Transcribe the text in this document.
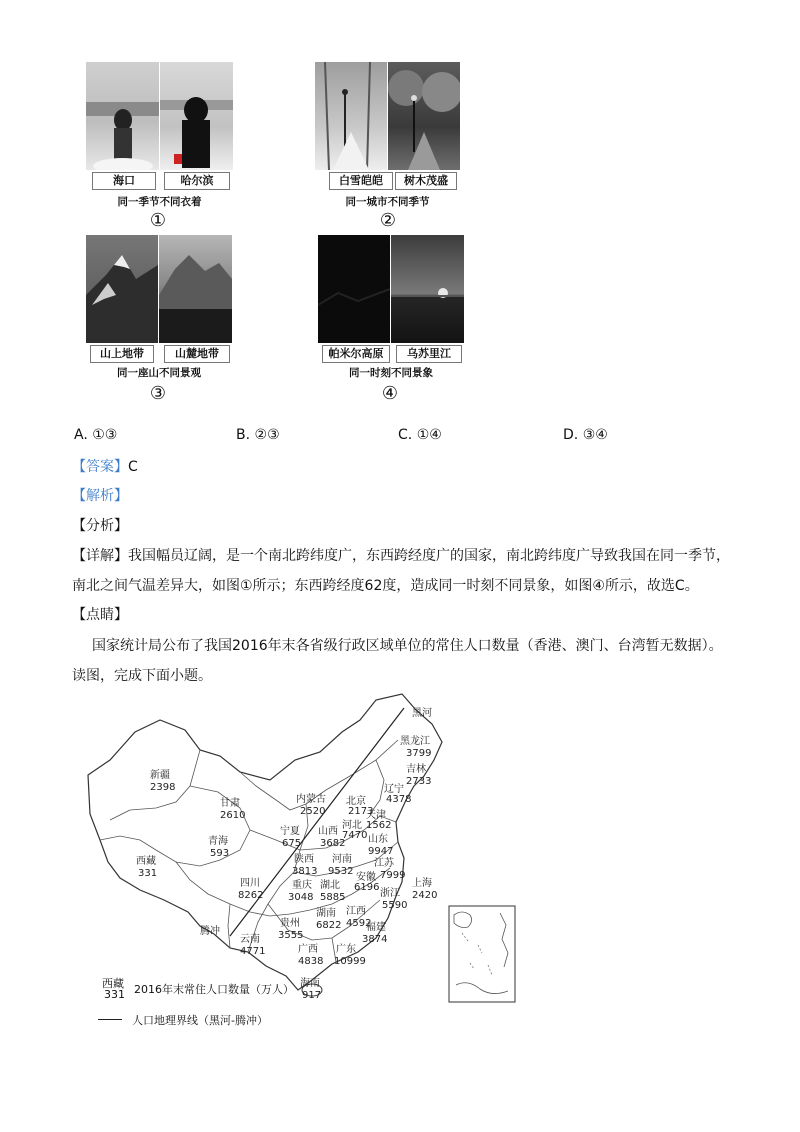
海口	哈尔滨
同一季节不同衣着
①
白雪皑皑	树木茂盛
同一城市不同季节
②
山上地带	山麓地带
同一座山不同景观
③
帕米尔高原	乌苏里江
同一时刻不同景象
④
A. ①③	B. ②③	C. ①④	D. ③④
【答案】C
【解析】
【分析】
【详解】我国幅员辽阔，是一个南北跨纬度广，东西跨经度广的国家，南北跨纬度广导致我国在同一季节，
南北之间气温差异大，如图①所示；东西跨经度62度，造成同一时刻不同景象，如图④所示，故选C。
【点睛】
国家统计局公布了我国2016年末各省级行政区域单位的常住人口数量（香港、澳门、台湾暂无数据）。
读图，完成下面小题。
黑河
黑龙江
3799
吉林
2733
辽宁
4378
内蒙古
2520
北京
2173
天津
1562
河北
7470
山西
3682 山东
9947
新疆
2398
甘肃
2610
宁夏
675
青海
593
陕西
3813
河南
9532
江苏
7999
安徽
6196	上海
2420
西藏
331
四川
8262
重庆
3048
湖北
5885	浙江
5590
湖南
6822
江西
4592
福建
3874
贵州
3555
云南
4771	广西
4838
广东
10999
海南
917
腾冲
西藏
331 2016年末常住人口数量（万人）
人口地理界线（黑河-腾冲）
